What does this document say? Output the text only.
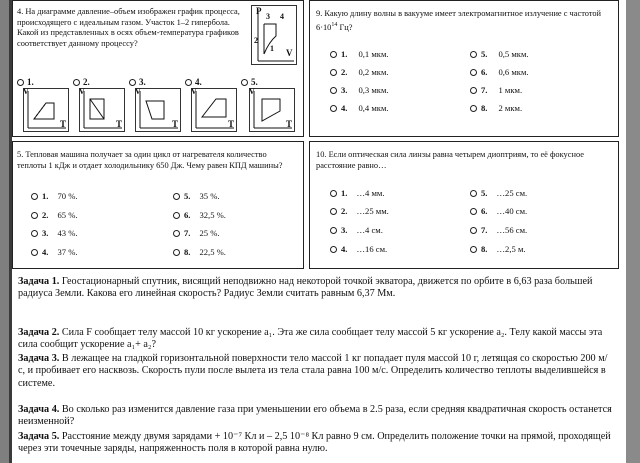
4. На диаграмме давление–объем изображен график процесса, происходящего с идеальным газом. Участок 1–2 гипербола. Какой из представленных в осях объем-температура графиков соответствует данному процессу?
P
3 4
2
1 V
1.
V
T
2.
V
T
3.
V
T
4.
V
T
5.
V
T
9. Какую длину волны в вакууме имеет электромагнитное излучение с частотой $6\cdot 10^{14}$ Гц?
1. 0,1 мкм.	5. 0,5 мкм.
2. 0,2 мкм.	6. 0,6 мкм.
3. 0,3 мкм.	7. 1 мкм.
4. 0,4 мкм.	8. 2 мкм.
5. Тепловая машина получает за один цикл от нагревателя количество теплоты 1 кДж и отдает холодильнику 650 Дж. Чему равен КПД машины?
1. 70 %.	5. 35 %.
2. 65 %.	6. 32,5 %.
3. 43 %.	7. 25 %.
4. 37 %.	8. 22,5 %.
10. Если оптическая сила линзы равна четырем диоптриям, то её фокусное расстояние равно…
1. …4 мм.	5. …25 см.
2. …25 мм.	6. …40 см.
3. …4 см.	7. …56 см.
4. …16 см.	8. …2,5 м.
Задача 1. Геостационарный спутник, висящий неподвижно над некоторой точкой экватора, движется по орбите в 6,63 раза большей радиуса Земли. Какова его линейная скорость? Радиус Земли считать равным 6,37 Мм.
Задача 2. Сила F сообщает телу массой 10 кг ускорение a₁. Эта же сила сообщает телу массой 5 кг ускорение a₂. Телу какой массы эта сила сообщит ускорение a₁+ a₂?
Задача 3. В лежащее на гладкой горизонтальной поверхности тело массой 1 кг попадает пуля массой 10 г, летящая со скоростью 200 м/с, и пробивает его насквозь. Скорость пули после вылета из тела стала равна 100 м/с. Определить количество теплоты выделившейся в системе.
Задача 4. Во сколько раз изменится давление газа при уменьшении его объема в 2.5 раза, если средняя квадратичная скорость останется неизменной?
Задача 5. Расстояние между двумя зарядами + 10⁻⁷ Кл и – 2,5 10⁻⁸ Кл равно 9 см. Определить положение точки на прямой, проходящей через эти точечные заряды, напряженность поля в которой равна нулю.
